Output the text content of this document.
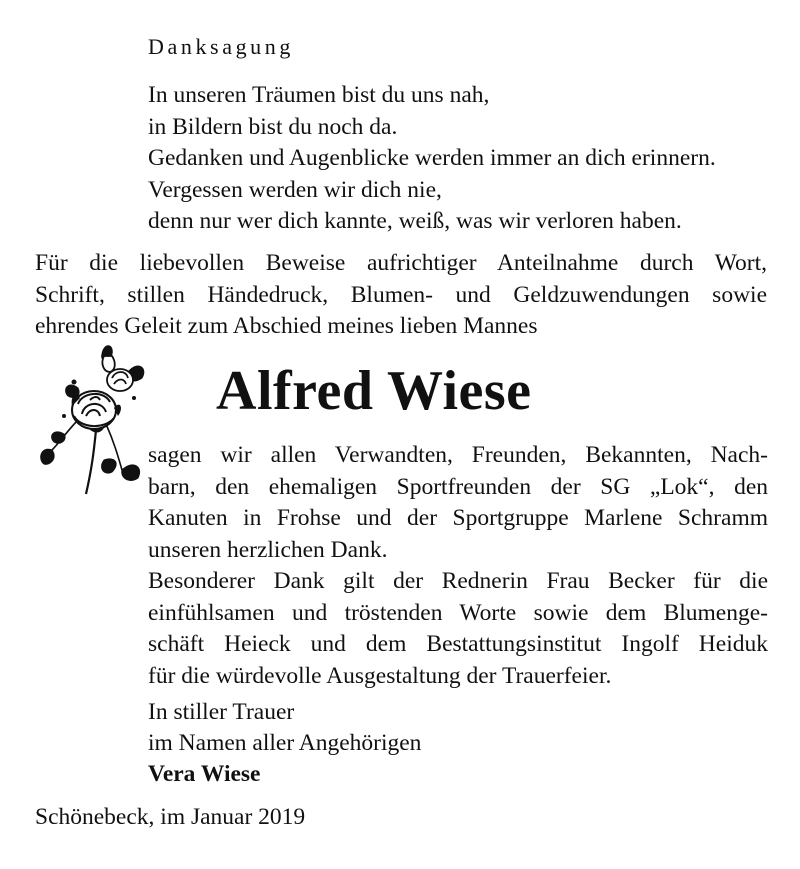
Danksagung
In unseren Träumen bist du uns nah,
in Bildern bist du noch da.
Gedanken und Augenblicke werden immer an dich erinnern.
Vergessen werden wir dich nie,
denn nur wer dich kannte, weiß, was wir verloren haben.
Für die liebevollen Beweise aufrichtiger Anteilnahme durch Wort,
Schrift, stillen Händedruck, Blumen- und Geldzuwendungen sowie
ehrendes Geleit zum Abschied meines lieben Mannes
Alfred Wiese
sagen wir allen Verwandten, Freunden, Bekannten, Nach-
barn, den ehemaligen Sportfreunden der SG „Lok“, den
Kanuten in Frohse und der Sportgruppe Marlene Schramm
unseren herzlichen Dank.
Besonderer Dank gilt der Rednerin Frau Becker für die
einfühlsamen und tröstenden Worte sowie dem Blumenge-
schäft Heieck und dem Bestattungsinstitut Ingolf Heiduk
für die würdevolle Ausgestaltung der Trauerfeier.
In stiller Trauer
im Namen aller Angehörigen
Vera Wiese
Schönebeck, im Januar 2019
